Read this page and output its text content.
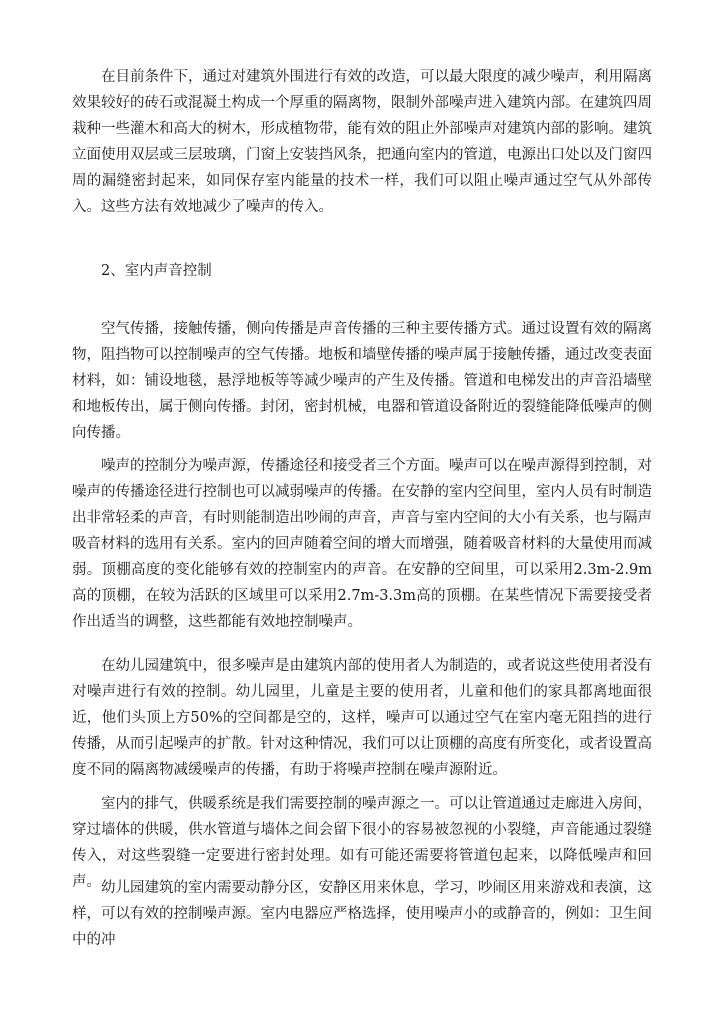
在目前条件下，通过对建筑外围进行有效的改造，可以最大限度的减少噪声，利用隔离效果较好的砖石或混凝土构成一个厚重的隔离物，限制外部噪声进入建筑内部。在建筑四周栽种一些灌木和高大的树木，形成植物带，能有效的阻止外部噪声对建筑内部的影响。建筑立面使用双层或三层玻璃，门窗上安装挡风条，把通向室内的管道，电源出口处以及门窗四周的漏缝密封起来，如同保存室内能量的技术一样，我们可以阻止噪声通过空气从外部传入。这些方法有效地减少了噪声的传入。

2、室内声音控制

空气传播，接触传播，侧向传播是声音传播的三种主要传播方式。通过设置有效的隔离物，阻挡物可以控制噪声的空气传播。地板和墙壁传播的噪声属于接触传播，通过改变表面材料，如：铺设地毯，悬浮地板等等减少噪声的产生及传播。管道和电梯发出的声音沿墙壁和地板传出，属于侧向传播。封闭，密封机械，电器和管道设备附近的裂缝能降低噪声的侧向传播。

噪声的控制分为噪声源，传播途径和接受者三个方面。噪声可以在噪声源得到控制，对噪声的传播途径进行控制也可以减弱噪声的传播。在安静的室内空间里，室内人员有时制造出非常轻柔的声音，有时则能制造出吵闹的声音，声音与室内空间的大小有关系，也与隔声吸音材料的选用有关系。室内的回声随着空间的增大而增强，随着吸音材料的大量使用而减弱。顶棚高度的变化能够有效的控制室内的声音。在安静的空间里，可以采用2.3m-2.9m高的顶棚，在较为活跃的区域里可以采用2.7m-3.3m高的顶棚。在某些情况下需要接受者作出适当的调整，这些都能有效地控制噪声。

在幼儿园建筑中，很多噪声是由建筑内部的使用者人为制造的，或者说这些使用者没有对噪声进行有效的控制。幼儿园里，儿童是主要的使用者，儿童和他们的家具都离地面很近，他们头顶上方50%的空间都是空的，这样，噪声可以通过空气在室内毫无阻挡的进行传播，从而引起噪声的扩散。针对这种情况，我们可以让顶棚的高度有所变化，或者设置高度不同的隔离物减缓噪声的传播，有助于将噪声控制在噪声源附近。

室内的排气，供暖系统是我们需要控制的噪声源之一。可以让管道通过走廊进入房间，穿过墙体的供暖，供水管道与墙体之间会留下很小的容易被忽视的小裂缝，声音能通过裂缝传入，对这些裂缝一定要进行密封处理。如有可能还需要将管道包起来，以降低噪声和回声。 幼儿园建筑的室内需要动静分区，安静区用来休息，学习，吵闹区用来游戏和表演，这样，可以有效的控制噪声源。室内电器应严格选择，使用噪声小的或静音的，例如：卫生间中的冲
